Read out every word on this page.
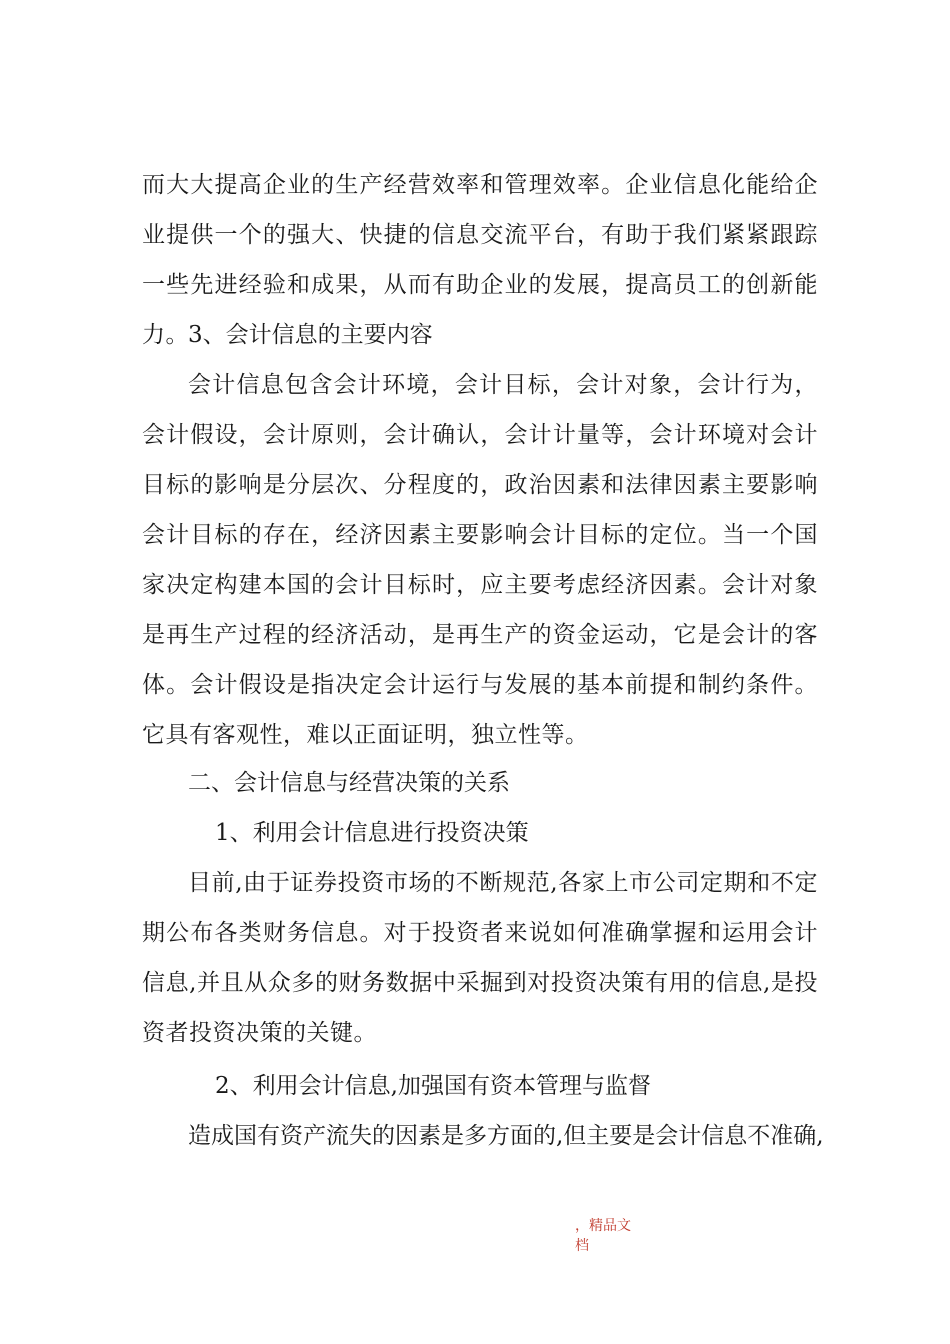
而大大提高企业的生产经营效率和管理效率。企业信息化能给企业提供一个的强大、快捷的信息交流平台，有助于我们紧紧跟踪一些先进经验和成果，从而有助企业的发展，提高员工的创新能力。 3、会计信息的主要内容

会计信息包含会计环境，会计目标，会计对象，会计行为，会计假设，会计原则，会计确认，会计计量等，会计环境对会计目标的影响是分层次、分程度的，政治因素和法律因素主要影响会计目标的存在，经济因素主要影响会计目标的定位。当一个国家决定构建本国的会计目标时，应主要考虑经济因素。会计对象是再生产过程的经济活动，是再生产的资金运动，它是会计的客体。会计假设是指决定会计运行与发展的基本前提和制约条件。它具有客观性，难以正面证明，独立性等。

二、会计信息与经营决策的关系

1、利用会计信息进行投资决策

目前,由于证券投资市场的不断规范,各家上市公司定期和不定期公布各类财务信息。对于投资者来说如何准确掌握和运用会计信息,并且从众多的财务数据中采掘到对投资决策有用的信息,是投资者投资决策的关键。

2、利用会计信息,加强国有资本管理与监督

造成国有资产流失的因素是多方面的,但主要是会计信息不准确,

，精品文
档
